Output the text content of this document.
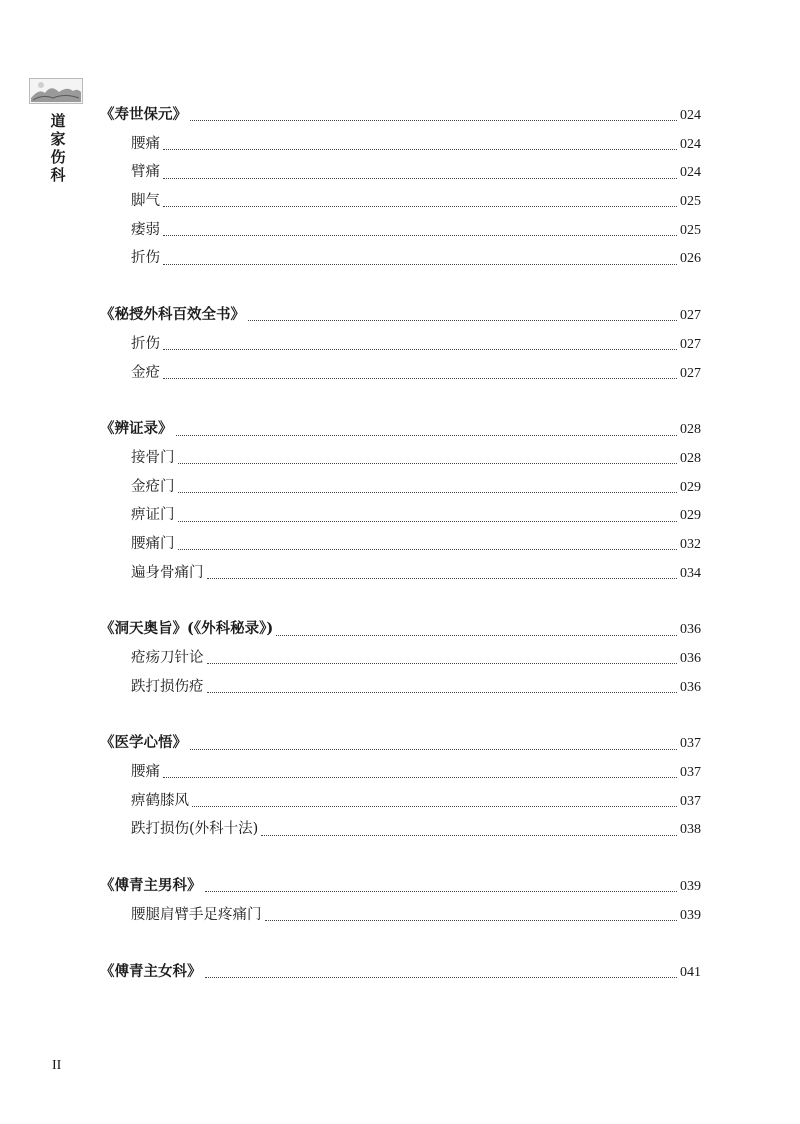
道
家
伤
科
《寿世保元》	024
腰痛	024
臂痛	024
脚气	025
痿弱	025
折伤	026
《秘授外科百效全书》	027
折伤	027
金疮	027
《辨证录》	028
接骨门	028
金疮门	029
痹证门	029
腰痛门	032
遍身骨痛门	034
《洞天奥旨》(《外科秘录》)	036
疮疡刀针论	036
跌打损伤疮	036
《医学心悟》	037
腰痛	037
痹鹤膝风	037
跌打损伤(外科十法)	038
《傅青主男科》	039
腰腿肩臂手足疼痛门	039
《傅青主女科》	041
II
